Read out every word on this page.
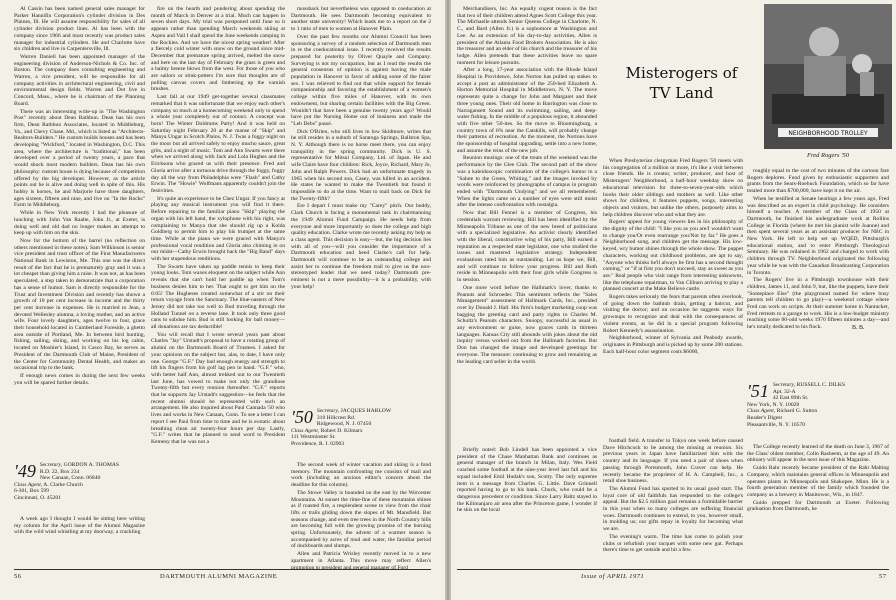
Al Cassin has been named general sales manager for Parker Hannifin Corporation's cylinder division in Des Plaines, Ill. He will assume responsibility for sales of all cylinder division product lines. Al has been with the company since 1966 and most recently was product sales manager for industrial cylinders. He and Charlotte have six children and live in Carpentersville, Ill.

Warren Daniell has been appointed manager of the engineering division of Anderson-Nichols & Co. Inc. of Boston. The company does consulting engineering and Warren, a vice president, will be responsible for all company activities in architectural engineering, civil and environmental design fields. Warren and Dot live in Concord, Mass., where he is chairman of the Planning Board.

There was an interesting write-up in "The Washington Post" recently about Dean Rathbun. Dean has his own firm, Dean Rathbun Associates, located in Middleburg, Va., and Chevy Chase, Md., which is listed as "Architects-Realtors-Builders." He custom builds houses and has been developing "Wickford," located in Washington, D.C. This area, where the architecture is "traditional," has been developed over a period of twenty years, a pace that would shock most modern builders. Dean has his own philosophy: custom house is dying because of competition offered by the big developer. However, as the article points out he is alive and doing well in spite of this. His hobby is horses, he and Marjorie have three daughters, ages sixteen, fifteen and nine, and live on "In the Rocks" Farm in Middleburg.

While in New York recently I had the pleasure of lunching with John Van Raalte, John Jr., at Exeter, is doing well and old dad no longer makes an attempt to keep up with him on the skis.

Now for the bottom of the barrel (no reflection on others mentioned in these notes). Sam Wilkinson is senior vice president and trust officer of the First Manufacturers National Bank in Lewiston, Me. This one was the direct result of the fact that he is prematurely gray and it was a lot cheaper than giving him a raise. It was not, as has been speculated, a step taken to demonstrate that a corporation has a sense of humor. Sam is directly responsible for the Trust and Investment Division and recently has shown a growth of 10 per cent increase in income and the thirty per cent increase in expenses. He is married to Jean, a devoted Wellesley alumna, a loving mother, and an active wife. Four lovely daughters, ages twelve to four, grace their household located in Cumberland Foreside, a ghetto area outside of Portland, Me. In between bird hunting, fishing, sailing, skiing, and working on his log cabin, located on Moshier's Island, in Casco Bay, he serves as President of the Dartmouth Club of Maine, President of the Center for Community Dental Health, and makes an occasional trip to the bank.

If enough news comes in during the next few weeks you will be spared further details.

'49 Secretary, GORDON A. THOMAS
R.D. 22, Box 234
New Canaan, Conn. 06840
Class Agent, A. Clarke Church
6-301, Box 599
Cincinnati, O. 45201

A week ago I thought I would be sitting here writing my column for the April issue of the Alumni Magazine with the wild wind whistling at my doorway, a crackling

fire on the hearth and pondering about spending the month of March in Denver at a trial. Much can happen in seven short days. My trial was postponed until June so it appears rather than spending March weekends skiing at Aspen and Vail I shall spend the June weekends camping in the Rockies. And we have the nicest spring weather! After a fiercely cold winter with snow on the ground since mid-December that premature spring arrived, melted the snow and here on the last day of February the grass is green and a balmy breeze blows from the west. For those of you who are sailors or stink-potters I'm sure that thoughts are of pulling canvas covers and limbering up the varnish brushes.

Last fall at our 1949 get-together several classmates remarked that it was unfortunate that we enjoy each other's company so much at a homecoming weekend only to spend a whole year completely out of contact. A concept was born! The Winter Doldrums Party! And it was held on Saturday night February 20 at the manse of "Skip" and Manya Ungar in Scotch Plains, N. J. Twas a foggy night on the moor but all arrived safely to enjoy mucho sauce, great grits, and a night of music. Tom and Ann Swarts were there when we arrived along with Jack and Lola Hughes and the Ericksons who graced us with their presence. Fred and Gloria arrive after a tortuous drive through the foggy, foggy day all the way from Philadelphia were "Flash" and Cathy Erwin. The "Howie" Wolfmans apparently couldn't join the festivities.

It's quite an experience to be Chez Ungar. If you fancy at playing any musical instrument you will find it there. Before repairing to the familiar piano "Skip" playing the organ with his left hand, the xylophone with his right, was complaining to Manya that she should rig up a Kolda Goldberg to permit him to play his trumpet at the same time. While at the piano we were graced with Manya's professional vocal rendition and Gloria also chiming in on our midst—Cathy Erwin brought back the "Big Band" days with her stupendous renditions.

The Swarts have taken up paddle tennis to keep their young looks. Tom waxes eloquent on the subject while Ann reveals that she can't hold her paddle up when Tom's business denies him to her. That ought to get him on the 6:05! The Hugheses created somewhat of a stir on their return voyage from the Sanctuary. The blue-oasters of New Jersey did not take too well to Bud traveling through the Holland Tunnel on a reverse lane. It took only three good cans to subdue him. Bud is still looking for ball money—all donations are tax deductible!

You will recall that I wrote several years past about Charles "Jay" Urstadt's proposal to have a rotating group of alumni on the Dartmouth Board of Trustees. I asked for your opinions on the subject but, alas, to date, I have only one. George "G.F." Day had enough energy and strength to lift his fingers from his golf lag pen in hand. "G.F." who, with better half Ann, almost trekked out to our Twentieth last June, has vowed to make not only the grandiose Twenty-fifth but every reunion thereafter. "G.F." reports that he supports Jay Urstadt's suggestion—he feels that the recent alumni should be represented with such an arrangement. He also inquired about Paul Cannada '50 who lives and works in New Canaan, Conn. To see a letter I can report I see Paul from time to time and he is ecstatic about breathing clean air twenty-four hours per day. Lastly, "G.F." writes that he planned to send word to President Kemeny that he was not a

mossback but nevertheless was opposed to coeducation at Dartmouth. He sees Dartmouth becoming equivalent to another state university! Which leads me to a report on the 2 to 1 ratio of men to women at Hanover Plain.

Over the past few months our Alumni Council has been sponsoring a survey of a random selection of Dartmouth men in re the coeducational issue. I recently received the results prepared for posterity by Oliver Quayle and Company. Surveying is not my occupation, but as I read the results the general consensus of opinion is against having the male population in Hanover in favor of adding some of the fairer sex. I was relieved to find out that while support for female companionship and favoring the establishment of a women's college within five miles of Hanover, with its own endowment, but sharing certain facilities with the Big Green. Wouldn't that have been a genuine twenty years ago? Would have put the Nursing Home out of business and made the "Leb Debs" passé.

Dick O'Brien, who still lives in low Skidmore, writes that he still resides in a suburb of Saratoga Springs, Ballston Spa, N. Y. Although there is no horse meet there, you can enjoy tranquility in the spring community. Dick is U. S. representative for Mitsui Company, Ltd. of Japan. He and wife Claire have four children: Rick, Joyce, Richard, Mary Jo, John and Ralph Powers. Dick had an unfortunate tragedy in 1965 when his second son, Casey, was killed in an accident. He states he wanted to make the Twentieth but found it impossible to do at the time. Want to mail back on Dick for the Twenty-fifth?

Ere I depart I must make my "Carey" pitch. Our buddy, Clark Church is facing a monumental task in chairmanning the 1949 Alumni Fund Campaign. He needs help from everyone and more importantly so does the college and high quality education. Clarke wrote me recently asking my help as a class agent. This decision is easy—but, the big decision lies with all of you—will you consider the importance of a Dartmouth education and heed Clarke's call for help. Dartmouth will continue to be an outstanding college and assist her to continue the freedom trail to give us the non-stereotyped leader that we need today? Dartmouth pre-eminent is not a mere possibility—it is a probability, with your help!

'50 Secretary, JACQUES HARLOW
310 Hillcrest Rd.
Ridgewood, N. J. 07450
Class Agent, Robert D. Kilmarx
111 Westminster St.
Providence, R. I. 02903

The second week of winter vacation and skiing is a fond memory. The mountain confronting me consists of mail and work (including an anxious editor's concern about the deadline for this column).

The Stowe Valley is bounded on the east by the Worcester Mountains. At sunset the rime-fine of these mountains shines as if roasted fire, a resplendent scene to view from the chair lifts or trails gliding down the slopes of Mt. Mansfield. But seasons change, and even tree trees in the North Country hills are becoming full with the growing promise of the burning spring. Unfortunately, the advent of a warmer season is accompanied by acres of mud and water, the familiar period of duckboards and slumps.

Allen and Patricia Wrisley recently moved in to a new apartment in Atlanta. This move may reflect Allen's promotion to president and general manager of Ford

56	DARTMOUTH ALUMNI MAGAZINE

Merchandisers, Inc. An equally cogent reason is the fact that two of their children attend Agnes Scott College this year. The Michaelle attends Senior Queens College in Charlotte, N. C., and Bard (Allen Jr.) is a sophomore at Washington and Lee. As an extension of his day-to-day activities, Allen is president of the Atlanta Food Brokers Association. He is also the treasurer and an elder of his church and the treasurer of his lodge. Allen pretends that these activities leave no spare moment for leisure pursuits.

After a long, 17-year association with the Rhode Island Hospital in Providence, John Norton has pulled up stakes to accept a post as administrator of the 250-bed Elizabeth A. Horton Memorial Hospital in Middletown, N. Y. The move represents quite a change for John and Margaret and their three young ones. Their old home in Barrington was close to Narragansett Sound and its swimming, sailing, and deep-water fishing. In the middle of a populous region, it abounded with five other '50-ites. So the move to Bloomingburg, a country town of 6% near the Catskills, will probably change their patterns of recreation. At the moment, the Nortons have the sponsorship of hospital upgrading, settle into a new home, and assume the reins of the new job.

Reunion musings: one of the treats of the weekend was the performance by the Glee Club. The second part of the show was a kaleidoscopic combination of the college's humor in a "Salute to the Green, Whiting," and the images invoked by words were reinforced by photographs of campus in program ended with "Dartmouth Undying" and we all remembered. When the lights came on a number of eyes were still moist after the intense confrontation with nostalgia.

Now that Bill Fennel is a member of Congress, his credentials warrant reviewing. Bill has been identified by the Minneapolis Tribune as one of the new breed of politicians with a specialized legislative. An activist clearly identified with the liberal, constructive wing of his party, Bill earned a reputation as a respected state legislator, one who studied the issues and mastered legislative strategy. Independent evaluations rated him as outstanding. Let us hope we, Bill, and will continue to follow your progress. Bill and Ruth reside in Minneapolis with their four girls while Congress is in session.

One more word before the Hallmark's lover, thanks to Peanuts and Schroeder. This sentiment reflects the "Sales Management" assessment of Hallmark Cards, Inc., presided over by Donald J. Hall. His firm's budget marketing coup was bagging the greeting card and party rights to Charles M. Schultz's Peanuts characters. Snoopy, successful as usual in any environment or guise, now graces cards in thirteen languages. Kansas City still abounds with jokes about the old inquiry versus worked out from the Hallmark factories. But Don has changed the image and developed greetings for everyone. The measure: continuing to grow and remaining as the leading card seller in the world.

Briefly noted: Bob Lindell has been appointed a vice president of the Chase Manhattan Bank and continues as general manager of the branch in Milan, Italy. Wes Field coached some football at the nine-year level last fall and his squad included Emil Hudak's son, Scotty. The only supreme item is a message from Charles G. Little. Dave Grinnell reported having to go to his bank. Chuck, who could be a dangerous precedent or condition. Since Larry Baltz stayed in the Kilimanjaro air area after the Princeton game, I wonder if he skis on the local

When Presbyterian clergyman Fred Rogers '50 meets with his congregation of a million or more, it's like a visit between close friends. He is creator, writer, producer, and host of Misterogers' Neighborhood, a half-hour weekday show on educational television for three-to-seven-year-olds which hooks their older siblings and mothers as well. Like other shows for children, it features puppets, songs, interesting objects and visitors, but unlike the others, purposely aims to help children discover who and what they are.

Rogers' appeal for young viewers lies in his philosophy of the dignity of the child: "I like you as you are/I wouldn't want to change you/Or even rearrange you/Not by far." He goes a Neighborhood song, and children get the message. His low-keyed, wry humor shines through the whole show. The puppet characters, working out childhood problems, are apt to say, "Anyone who thinks he'll always be first has a second thought coming," or "if at first you don't succeed, stay as sweet as you are." Real people who visit range from interesting unknowns, like the telephone repairman, to Van Cliburn arriving to play a planned concert at the Make Believe castle.

Rogers takes seriously the fears that parents often overlook, of going down the bathtub drain, getting a haircut, and visiting the doctor; and on occasion he suggests ways for grownups to recognize and deal with the consequences of violent events, as he did in a special program following Robert Kennedy's assassination.

Neighborhood, winner of Sylvania and Peabody awards, originates in Pittsburgh and is picked up by some 200 stations. Each half-hour color segment costs $6000,

football field. A transfer to Tokyo one week before caused Dave Hitchcock to be among the missing at reunion. Six previous years in Japan have familiarized him with the country and its language. If you need a pair of shoes when passing through Portsmouth, John Craver can help. He recently became the proprietor of H. A. Campbell, Inc., a retail shoe business.

The Alumni Fund has spurted to its usual good start. The loyal core of old faithfuls has responded to the college's appeal. But the $2.5 million goal remains a formidable barrier in this year when so many colleges are suffering financial woes. Dartmouth continues to extend, to you, however small, in molding us; our gifts repay in loyalty for becoming what we are.

The evening's warm. The time has come to polish your clubs or refurbish your racquet with some new gut. Perhaps there's time to get outside and hit a few.

roughly equal to the cost of two minutes of the cartoon fare Rogers deplores. Fund given by enthusiastic supporters and grants from the Sears-Roebuck Foundation, which so far have totaled more than $700,000, have kept it on the air.

When he testified at Senate hearings a few years ago, Fred was described as an expert in child psychology. He considers himself a teacher. A member of the Class of 1950 at Dartmouth, he finished his undergraduate work at Rollins College in Florida (where he met his pianist wife Joanne) and then spent several years as an assistant producer for NBC in New York. He left to help set up WQED, Pittsburgh's educational station, and to enter Pittsburgh Theological Seminary. He was ordained in 1962 and charged to work with children through TV. Neighborhood originated the following year while he was with the Canadian Broadcasting Corporation in Toronto.

The Rogers' live in a Pittsburgh townhouse with their children, James 11, and John 9, but, like the puppets, have their "Someplace Else" (the playground named for where busy parents tell children to go play)—a weekend cottage where Fred can work on scripts. At their summer home in Nantucket, Fred retreats to a garage to work. His is a low-budget ministry reaching some 80-odd weeks 1970 fifteen minutes a day—and he's totally dedicated to his flock.

'51 Secretary, RUSSELL C. DILKS
Apt. 32-A
42 East 89th St.
New York, N. Y. 10028
Class Agent, Richard G. Sutton
Reader's Digest
Pleasantville, N. Y. 10570

The College recently learned of the death on June 3, 1967 of the Class' oldest member, Colin Rasheem, at the age of 49. An obituary will appear in the next issue of this Magazine.

Guido Rahr recently became president of the Rahr Malting Company, which maintains general offices in Minneapolis and operates plants in Minneapolis and Shakopee, Minn. He is a fourth generation member of the family which founded the company as a brewery in Manitowoc, Wis., in 1847.

Guido prepped for Dartmouth at Exeter. Following graduation from Dartmouth, he

Issue of APRIL 1971	57
Misterogers of TV Land
NEIGHBORHOOD TROLLEY
Fred Rogers '50
B. B.
